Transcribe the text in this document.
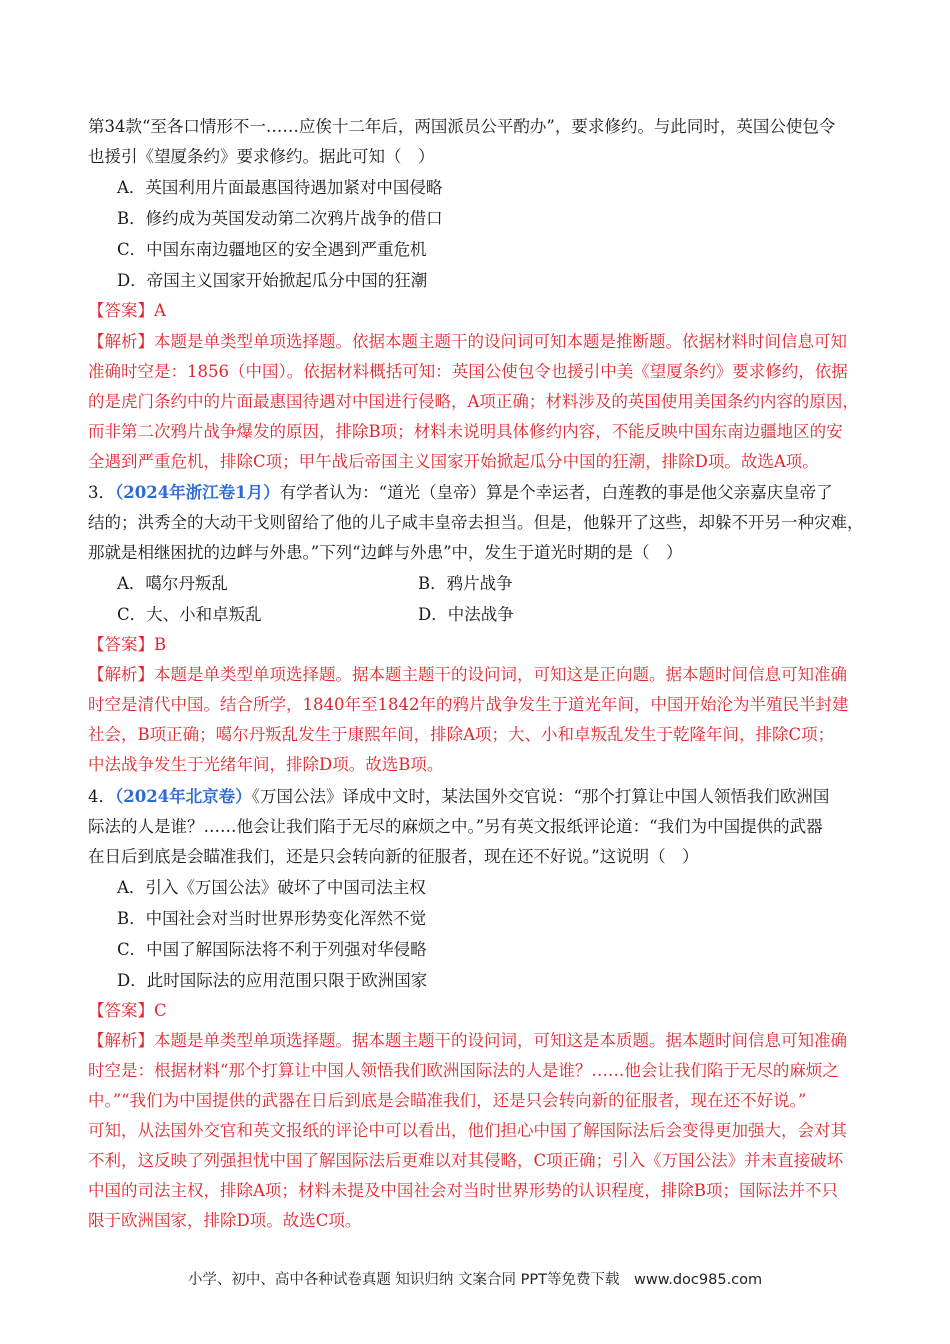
第34款“至各口情形不一……应俟十二年后，两国派员公平酌办”，要求修约。与此同时，英国公使包令
也援引《望厦条约》要求修约。据此可知（　）
A．英国利用片面最惠国待遇加紧对中国侵略
B．修约成为英国发动第二次鸦片战争的借口
C．中国东南边疆地区的安全遇到严重危机
D．帝国主义国家开始掀起瓜分中国的狂潮
【答案】A
【解析】本题是单类型单项选择题。依据本题主题干的设问词可知本题是推断题。依据材料时间信息可知
准确时空是：1856（中国）。依据材料概括可知：英国公使包令也援引中美《望厦条约》要求修约，依据
的是虎门条约中的片面最惠国待遇对中国进行侵略，A项正确；材料涉及的英国使用美国条约内容的原因，
而非第二次鸦片战争爆发的原因，排除B项；材料未说明具体修约内容，不能反映中国东南边疆地区的安
全遇到严重危机，排除C项；甲午战后帝国主义国家开始掀起瓜分中国的狂潮，排除D项。故选A项。
3．（2024年浙江卷1月）有学者认为：“道光（皇帝）算是个幸运者，白莲教的事是他父亲嘉庆皇帝了
结的；洪秀全的大动干戈则留给了他的儿子咸丰皇帝去担当。但是，他躲开了这些，却躲不开另一种灾难，
那就是相继困扰的边衅与外患。”下列“边衅与外患”中，发生于道光时期的是（　）
A．噶尔丹叛乱	B．鸦片战争
C．大、小和卓叛乱	D．中法战争
【答案】B
【解析】本题是单类型单项选择题。据本题主题干的设问词，可知这是正向题。据本题时间信息可知准确
时空是清代中国。结合所学，1840年至1842年的鸦片战争发生于道光年间，中国开始沦为半殖民半封建
社会，B项正确；噶尔丹叛乱发生于康熙年间，排除A项；大、小和卓叛乱发生于乾隆年间，排除C项；
中法战争发生于光绪年间，排除D项。故选B项。
4．（2024年北京卷）《万国公法》译成中文时，某法国外交官说：“那个打算让中国人领悟我们欧洲国
际法的人是谁？……他会让我们陷于无尽的麻烦之中。”另有英文报纸评论道：“我们为中国提供的武器
在日后到底是会瞄准我们，还是只会转向新的征服者，现在还不好说。”这说明（　）
A．引入《万国公法》破坏了中国司法主权
B．中国社会对当时世界形势变化浑然不觉
C．中国了解国际法将不利于列强对华侵略
D．此时国际法的应用范围只限于欧洲国家
【答案】C
【解析】本题是单类型单项选择题。据本题主题干的设问词，可知这是本质题。据本题时间信息可知准确
时空是：根据材料“那个打算让中国人领悟我们欧洲国际法的人是谁？……他会让我们陷于无尽的麻烦之
中。”“我们为中国提供的武器在日后到底是会瞄准我们，还是只会转向新的征服者，现在还不好说。”
可知，从法国外交官和英文报纸的评论中可以看出，他们担心中国了解国际法后会变得更加强大，会对其
不利，这反映了列强担忧中国了解国际法后更难以对其侵略，C项正确；引入《万国公法》并未直接破坏
中国的司法主权，排除A项；材料未提及中国社会对当时世界形势的认识程度，排除B项；国际法并不只
限于欧洲国家，排除D项。故选C项。
小学、初中、高中各种试卷真题 知识归纳 文案合同 PPT等免费下载　www.doc985.com
